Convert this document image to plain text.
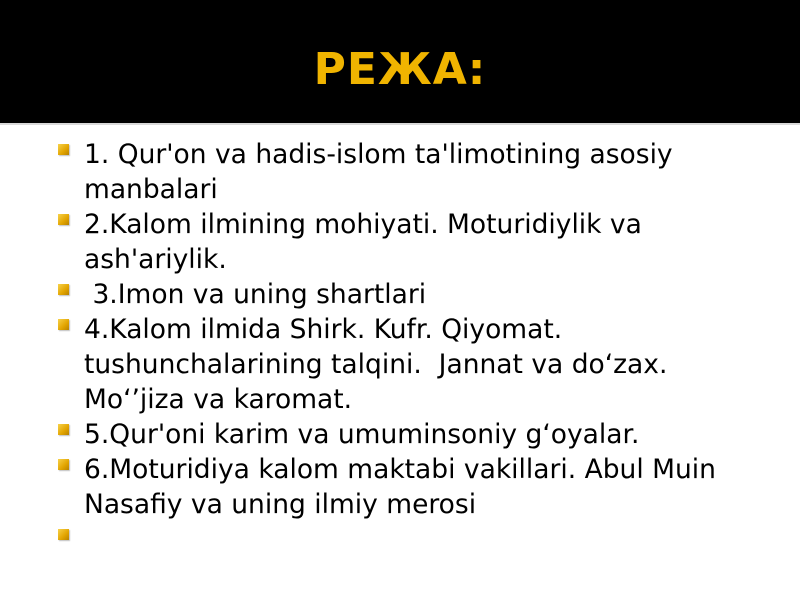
РЕЖА:
1. Qur'on va hadis-islom ta'limotining asosiy manbalari
2.Kalom ilmining mohiyati. Moturidiylik va ash'ariylik.
3.Imon va uning shartlari
4.Kalom ilmida Shirk. Kufr. Qiyomat. tushunchalarining talqini.  Jannat va do‘zax. Mo‘’jiza va karomat.
5.Qur'oni karim va umuminsoniy g‘oyalar.
6.Moturidiya kalom maktabi vakillari. Abul Muin Nasafiy va uning ilmiy merosi
